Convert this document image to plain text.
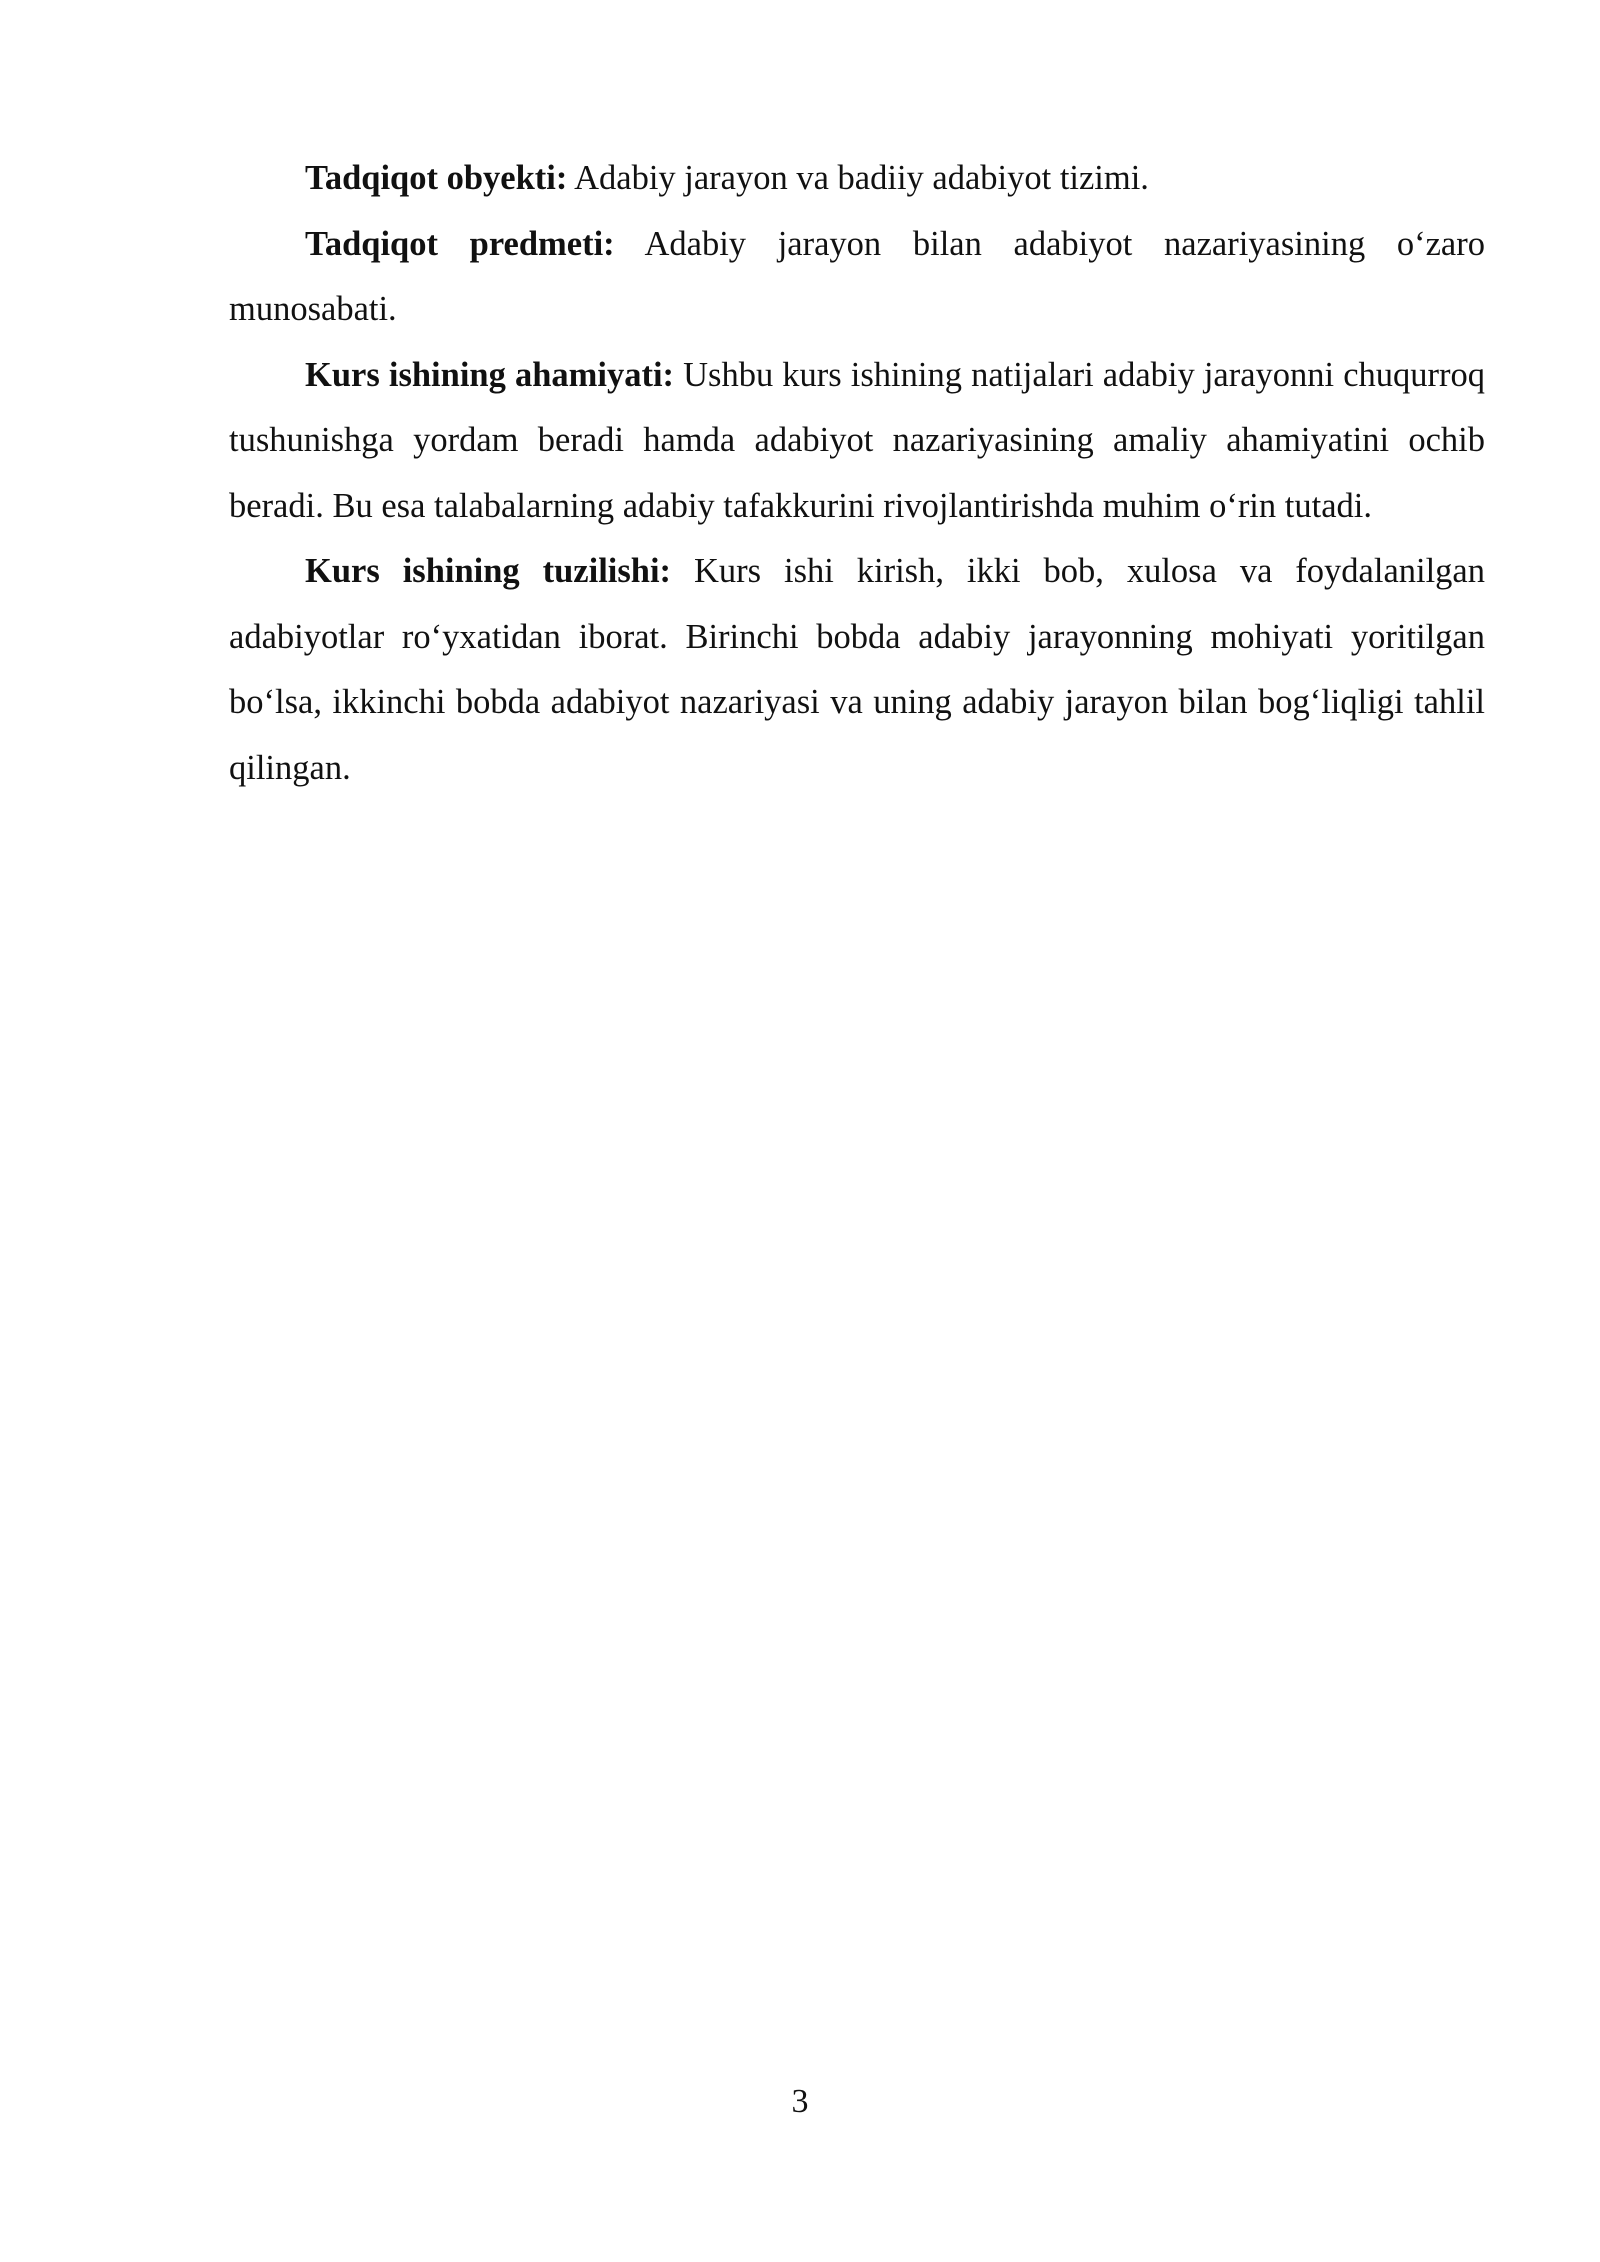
Tadqiqot obyekti: Adabiy jarayon va badiiy adabiyot tizimi.

Tadqiqot predmeti: Adabiy jarayon bilan adabiyot nazariyasining o‘zaro munosabati.

Kurs ishining ahamiyati: Ushbu kurs ishining natijalari adabiy jarayonni chuqurroq tushunishga yordam beradi hamda adabiyot nazariyasining amaliy ahamiyatini ochib beradi. Bu esa talabalarning adabiy tafakkurini rivojlantirishda muhim o‘rin tutadi.

Kurs ishining tuzilishi: Kurs ishi kirish, ikki bob, xulosa va foydalanilgan adabiyotlar ro‘yxatidan iborat. Birinchi bobda adabiy jarayonning mohiyati yoritilgan bo‘lsa, ikkinchi bobda adabiyot nazariyasi va uning adabiy jarayon bilan bog‘liqligi tahlil qilingan.

3
